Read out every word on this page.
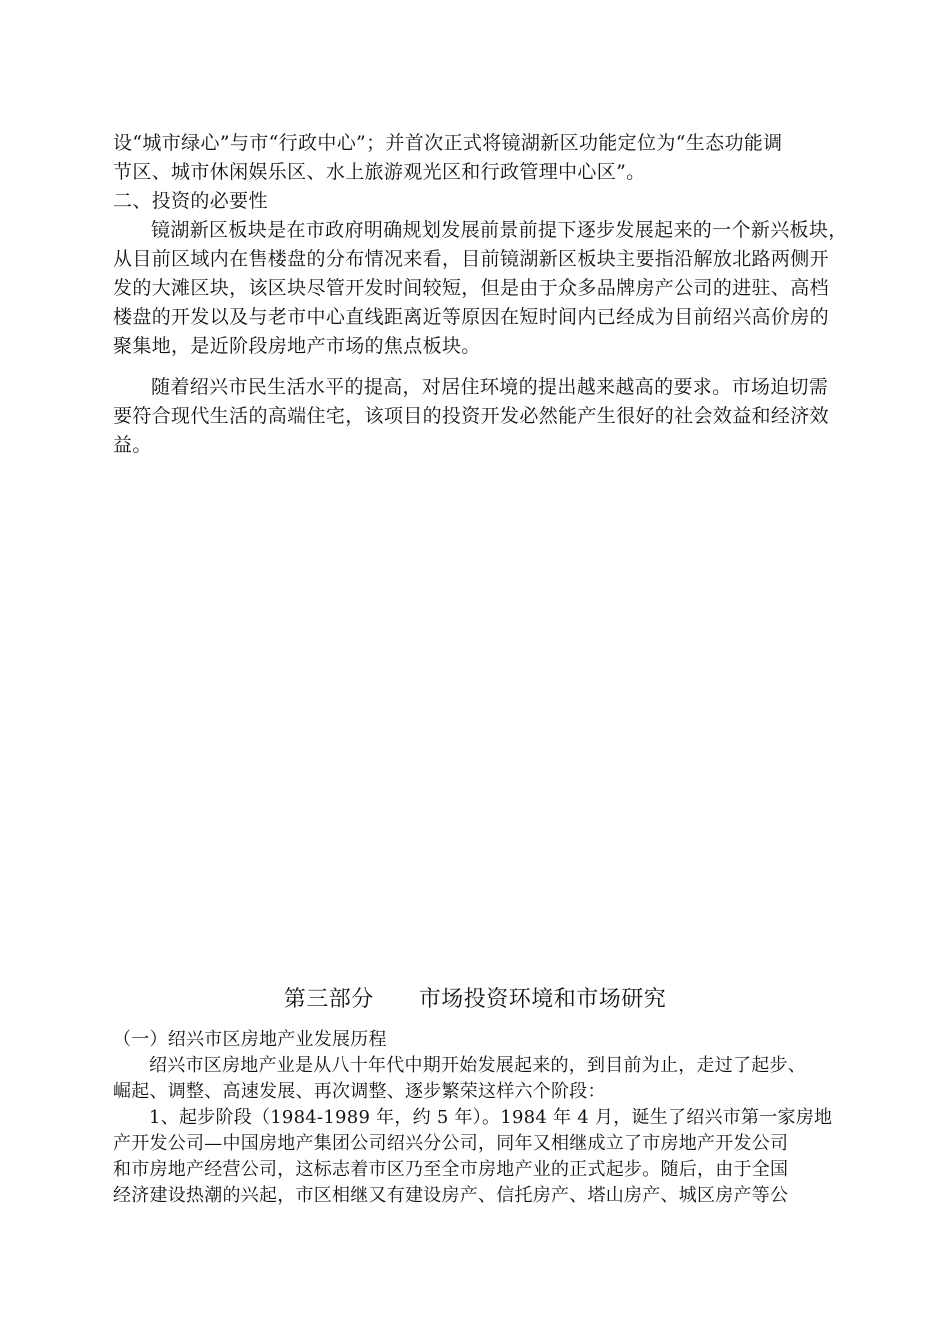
设“城市绿心”与市“行政中心”；并首次正式将镜湖新区功能定位为“生态功能调
节区、城市休闲娱乐区、水上旅游观光区和行政管理中心区”。
二、投资的必要性
镜湖新区板块是在市政府明确规划发展前景前提下逐步发展起来的一个新兴板块，
从目前区域内在售楼盘的分布情况来看，目前镜湖新区板块主要指沿解放北路两侧开
发的大滩区块，该区块尽管开发时间较短，但是由于众多品牌房产公司的进驻、高档
楼盘的开发以及与老市中心直线距离近等原因在短时间内已经成为目前绍兴高价房的
聚集地，是近阶段房地产市场的焦点板块。
随着绍兴市民生活水平的提高，对居住环境的提出越来越高的要求。市场迫切需
要符合现代生活的高端住宅，该项目的投资开发必然能产生很好的社会效益和经济效
益。
第三部分      市场投资环境和市场研究
（一）绍兴市区房地产业发展历程
绍兴市区房地产业是从八十年代中期开始发展起来的，到目前为止，走过了起步、
崛起、调整、高速发展、再次调整、逐步繁荣这样六个阶段：
1、起步阶段（1984-1989 年，约 5 年）。1984 年 4 月，诞生了绍兴市第一家房地
产开发公司—中国房地产集团公司绍兴分公司，同年又相继成立了市房地产开发公司
和市房地产经营公司，这标志着市区乃至全市房地产业的正式起步。随后，由于全国
经济建设热潮的兴起，市区相继又有建设房产、信托房产、塔山房产、城区房产等公
